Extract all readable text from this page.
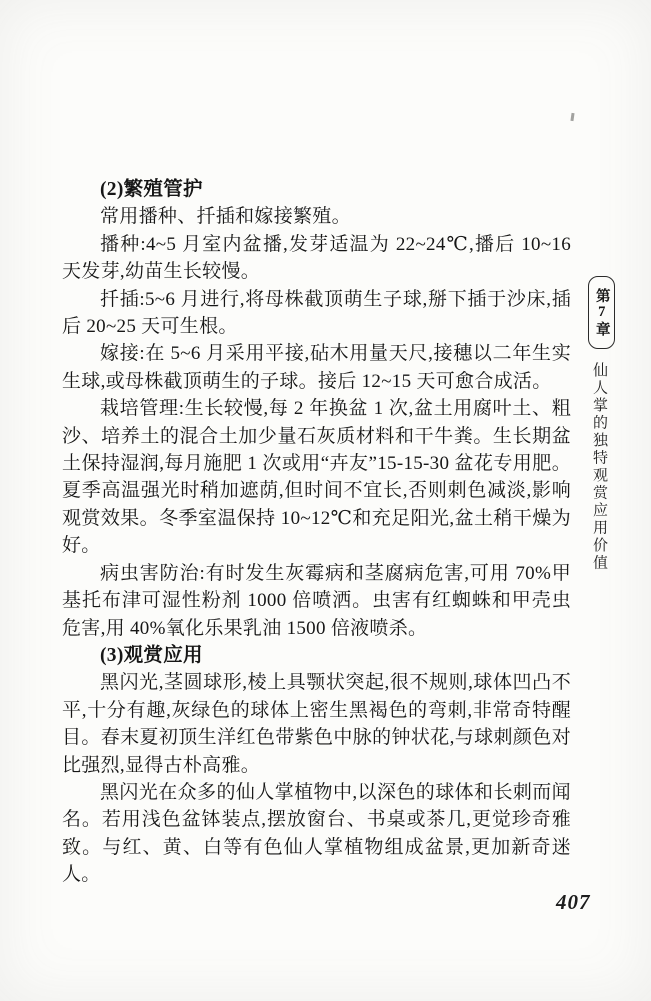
(2)繁殖管护

常用播种、扦插和嫁接繁殖。

播种:4~5 月室内盆播,发芽适温为 22~24℃,播后 10~16 天发芽,幼苗生长较慢。

扦插:5~6 月进行,将母株截顶萌生子球,掰下插于沙床,插后 20~25 天可生根。

嫁接:在 5~6 月采用平接,砧木用量天尺,接穗以二年生实生球,或母株截顶萌生的子球。接后 12~15 天可愈合成活。

栽培管理:生长较慢,每 2 年换盆 1 次,盆土用腐叶土、粗沙、培养土的混合土加少量石灰质材料和干牛粪。生长期盆土保持湿润,每月施肥 1 次或用“卉友”15-15-30 盆花专用肥。夏季高温强光时稍加遮荫,但时间不宜长,否则刺色减淡,影响观赏效果。冬季室温保持 10~12℃和充足阳光,盆土稍干燥为好。

病虫害防治:有时发生灰霉病和茎腐病危害,可用 70%甲基托布津可湿性粉剂 1000 倍喷洒。虫害有红蜘蛛和甲壳虫危害,用 40%氧化乐果乳油 1500 倍液喷杀。

(3)观赏应用

黑闪光,茎圆球形,棱上具颚状突起,很不规则,球体凹凸不平,十分有趣,灰绿色的球体上密生黑褐色的弯刺,非常奇特醒目。春末夏初顶生洋红色带紫色中脉的钟状花,与球刺颜色对比强烈,显得古朴高雅。

黑闪光在众多的仙人掌植物中,以深色的球体和长刺而闻名。若用浅色盆钵装点,摆放窗台、书桌或茶几,更觉珍奇雅致。与红、黄、白等有色仙人掌植物组成盆景,更加新奇迷人。

第7章
仙人掌的独特观赏应用价值
407
